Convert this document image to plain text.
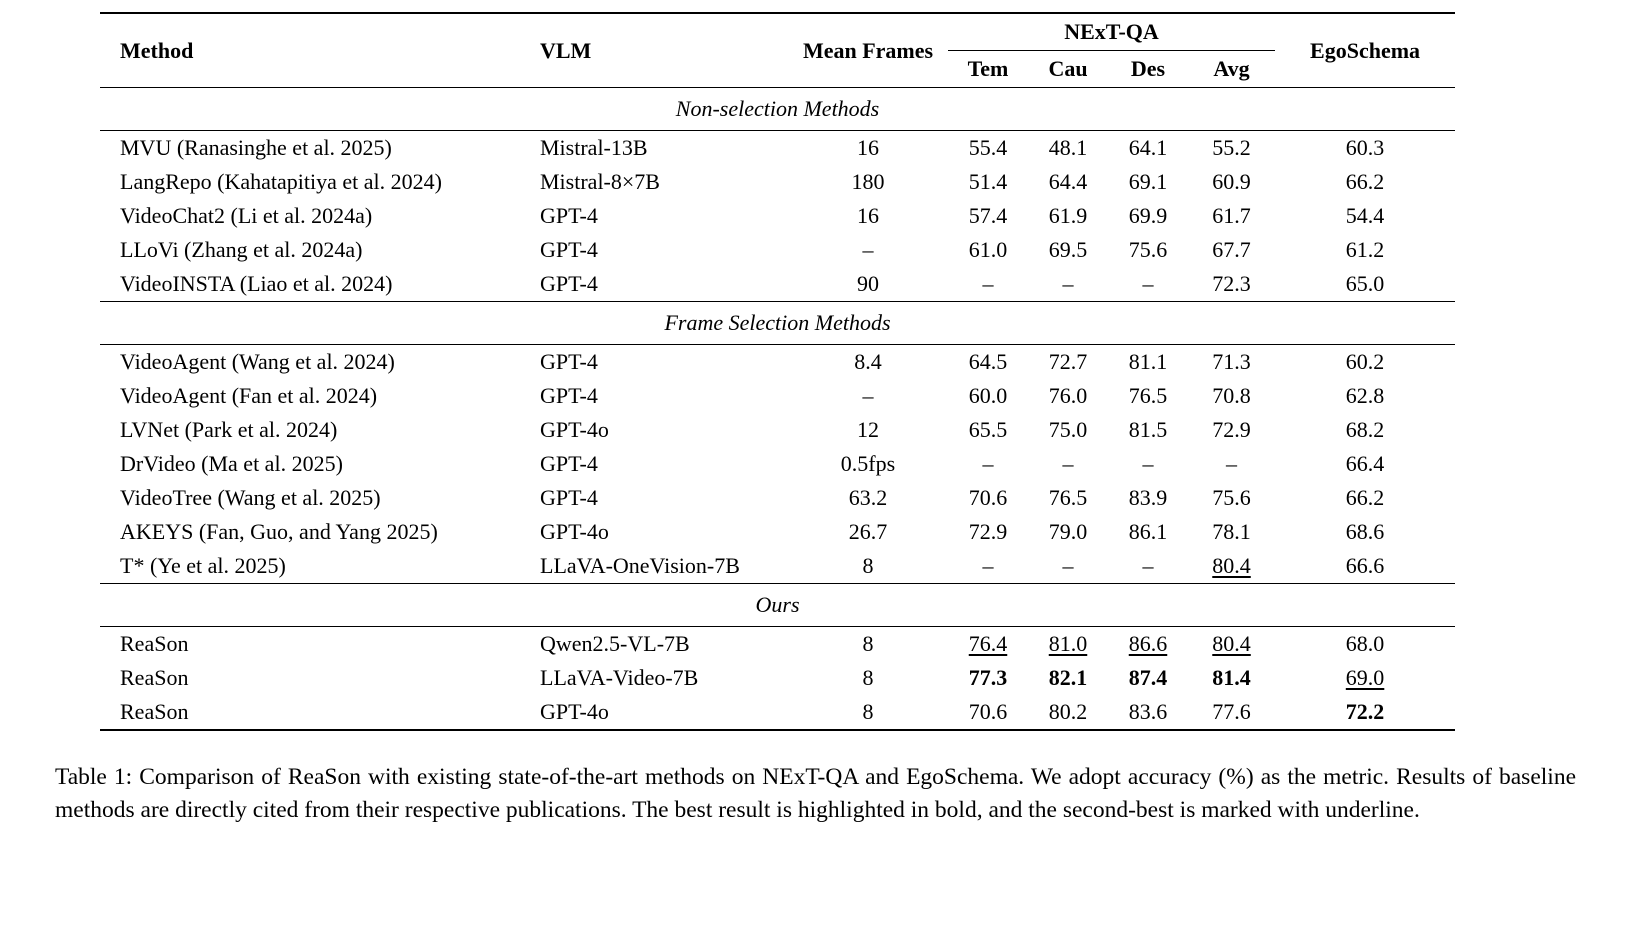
Method	VLM	Mean Frames	NExT-QA				EgoSchema
			Tem	Cau	Des	Avg	
Non-selection Methods							
MVU (Ranasinghe et al. 2025)	Mistral-13B	16	55.4	48.1	64.1	55.2	60.3
LangRepo (Kahatapitiya et al. 2024)	Mistral-8×7B	180	51.4	64.4	69.1	60.9	66.2
VideoChat2 (Li et al. 2024a)	GPT-4	16	57.4	61.9	69.9	61.7	54.4
LLoVi (Zhang et al. 2024a)	GPT-4	–	61.0	69.5	75.6	67.7	61.2
VideoINSTA (Liao et al. 2024)	GPT-4	90	–	–	–	72.3	65.0
Frame Selection Methods							
VideoAgent (Wang et al. 2024)	GPT-4	8.4	64.5	72.7	81.1	71.3	60.2
VideoAgent (Fan et al. 2024)	GPT-4	–	60.0	76.0	76.5	70.8	62.8
LVNet (Park et al. 2024)	GPT-4o	12	65.5	75.0	81.5	72.9	68.2
DrVideo (Ma et al. 2025)	GPT-4	0.5fps	–	–	–	–	66.4
VideoTree (Wang et al. 2025)	GPT-4	63.2	70.6	76.5	83.9	75.6	66.2
AKEYS (Fan, Guo, and Yang 2025)	GPT-4o	26.7	72.9	79.0	86.1	78.1	68.6
T* (Ye et al. 2025)	LLaVA-OneVision-7B	8	–	–	–	80.4	66.6
Ours							
ReaSon	Qwen2.5-VL-7B	8	76.4	81.0	86.6	80.4	68.0
ReaSon	LLaVA-Video-7B	8	77.3	82.1	87.4	81.4	69.0
ReaSon	GPT-4o	8	70.6	80.2	83.6	77.6	72.2

Table 1: Comparison of ReaSon with existing state-of-the-art methods on NExT-QA and EgoSchema. We adopt accuracy (%) as the metric. Results of baseline methods are directly cited from their respective publications. The best result is highlighted in bold, and the second-best is marked with underline.
